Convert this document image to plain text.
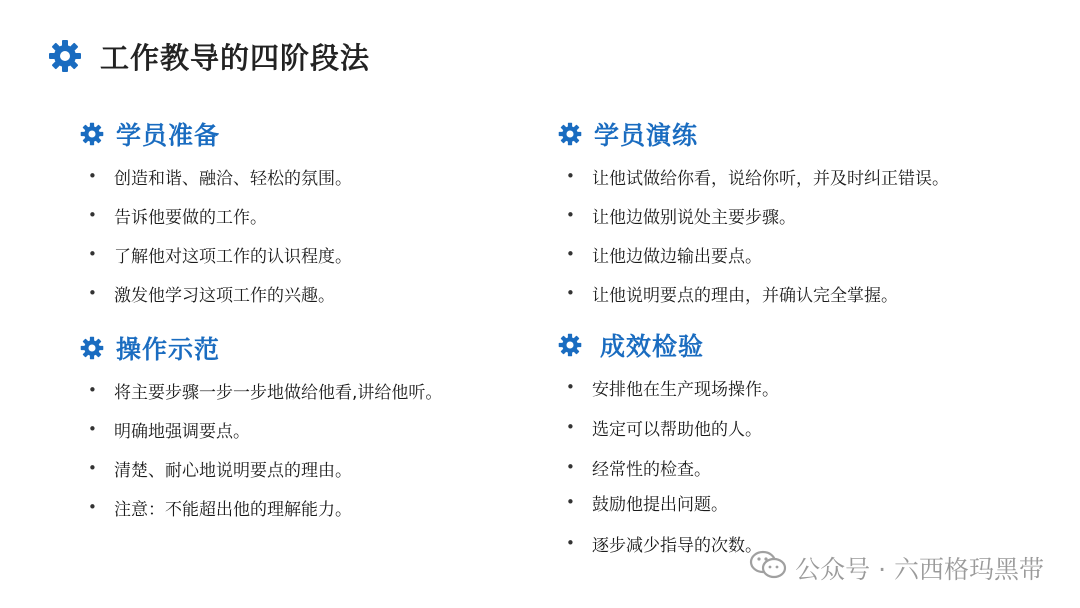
工作教导的四阶段法
学员准备
•	创造和谐、融洽、轻松的氛围。
•	告诉他要做的工作。
•	了解他对这项工作的认识程度。
•	激发他学习这项工作的兴趣。
学员演练
•	让他试做给你看，说给你听，并及时纠正错误。
•	让他边做别说处主要步骤。
•	让他边做边输出要点。
•	让他说明要点的理由，并确认完全掌握。
操作示范
•	将主要步骤一步一步地做给他看,讲给他听。
•	明确地强调要点。
•	清楚、耐心地说明要点的理由。
•	注意：不能超出他的理解能力。
成效检验
•	安排他在生产现场操作。
•	选定可以帮助他的人。
•	经常性的检查。
•	鼓励他提出问题。
•	逐步减少指导的次数。
公众号 · 六西格玛黑带
